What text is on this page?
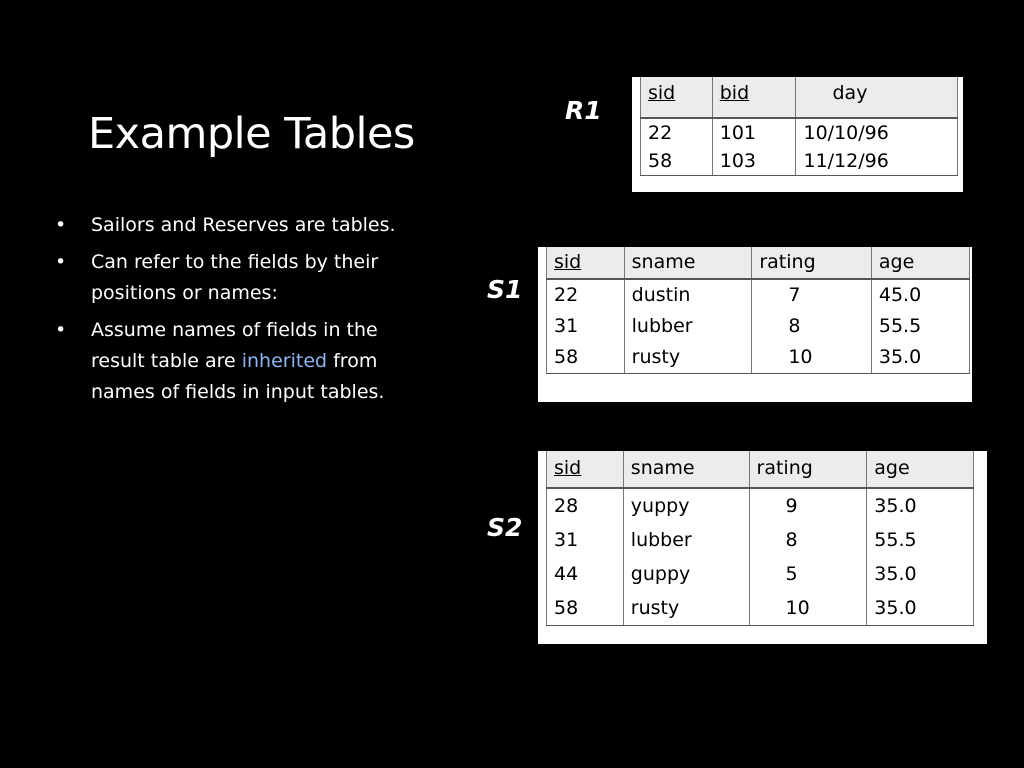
Example Tables
• Sailors and Reserves are tables.
• Can refer to the fields by their positions or names:
• Assume names of fields in the result table are inherited from names of fields in input tables.
R1
sid	bid	day
22	101	10/10/96
58	103	11/12/96
S1
sid	sname	rating	age
22	dustin	7	45.0
31	lubber	8	55.5
58	rusty	10	35.0
S2
sid	sname	rating	age
28	yuppy	9	35.0
31	lubber	8	55.5
44	guppy	5	35.0
58	rusty	10	35.0
